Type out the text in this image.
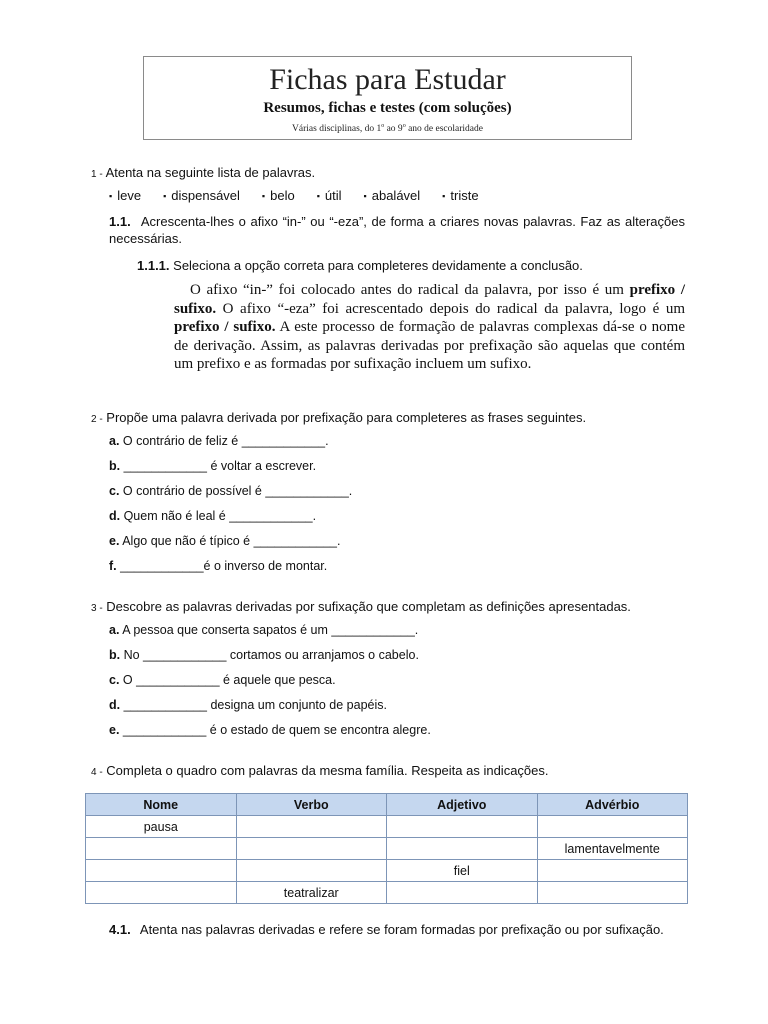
Fichas para Estudar
Resumos, fichas e testes (com soluções)
Várias disciplinas, do 1$^o$ ao 9$^o$ ano de escolaridade
1 - Atenta na seguinte lista de palavras.
▪ leve ▪ dispensável ▪ belo ▪ útil ▪ abalável ▪ triste
1.1. Acrescenta-lhes o afixo “in-” ou “-eza”, de forma a criares novas palavras. Faz as alterações necessárias.
1.1.1. Seleciona a opção correta para completeres devidamente a conclusão.
O afixo “in-” foi colocado antes do radical da palavra, por isso é um prefixo / sufixo. O afixo “-eza” foi acrescentado depois do radical da palavra, logo é um prefixo / sufixo. A este processo de formação de palavras complexas dá-se o nome de derivação. Assim, as palavras derivadas por prefixação são aquelas que contém um prefixo e as formadas por sufixação incluem um sufixo.
2 - Propõe uma palavra derivada por prefixação para completeres as frases seguintes.
a. O contrário de feliz é ____________.
b. ____________ é voltar a escrever.
c. O contrário de possível é ____________.
d. Quem não é leal é ____________.
e. Algo que não é típico é ____________.
f. ____________é o inverso de montar.
3 - Descobre as palavras derivadas por sufixação que completam as definições apresentadas.
a. A pessoa que conserta sapatos é um ____________.
b. No ____________ cortamos ou arranjamos o cabelo.
c. O ____________ é aquele que pesca.
d. ____________ designa um conjunto de papéis.
e. ____________ é o estado de quem se encontra alegre.
4 - Completa o quadro com palavras da mesma família. Respeita as indicações.
Nome	Verbo	Adjetivo	Advérbio
pausa			
			lamentavelmente
		fiel	
	teatralizar		
4.1. Atenta nas palavras derivadas e refere se foram formadas por prefixação ou por sufixação.
